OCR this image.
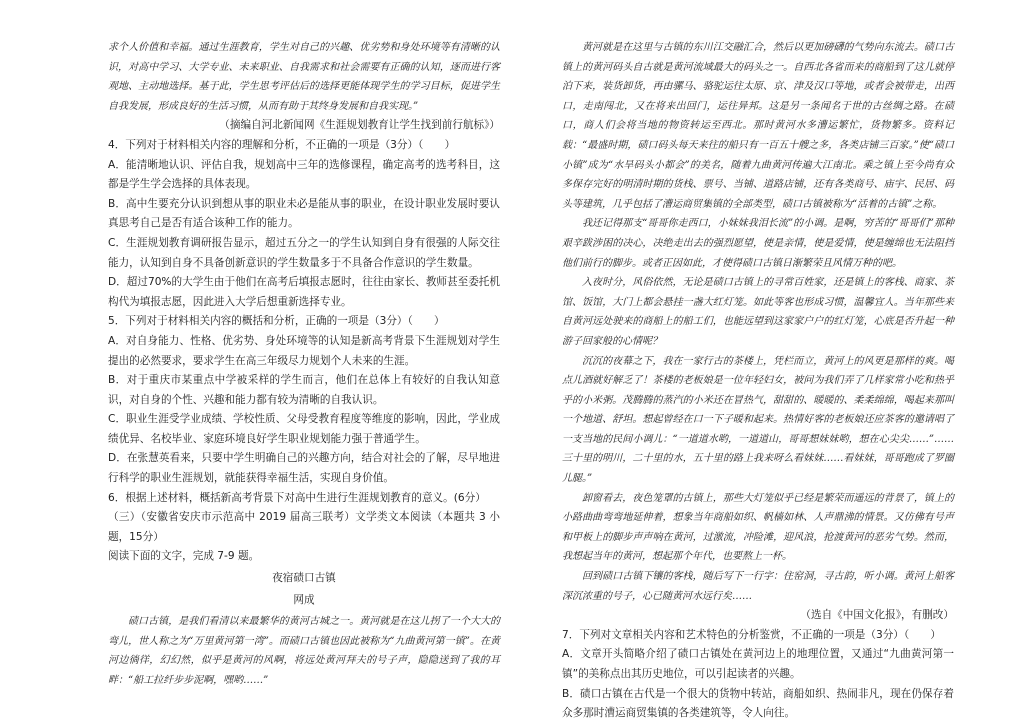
求个人价值和幸福。通过生涯教育，学生对自己的兴趣、优劣势和身处环境等有清晰的认识，对高中学习、大学专业、未来职业、自我需求和社会需要有正确的认知，逐而进行客观地、主动地选择。基于此，学生思考评估后的选择更能体现学生的学习目标，促进学生自我发展，形成良好的生活习惯，从而有助于其终身发展和自我实现。”

（摘编自河北新闻网《生涯规划教育让学生找到前行航标》）

4．下列对于材料相关内容的理解和分析，不正确的一项是（3分）（　　）

A．能清晰地认识、评估自我，规划高中三年的选修课程，确定高考的选考科目，这都是学生学会选择的具体表现。

B．高中生要充分认识到想从事的职业未必是能从事的职业，在设计职业发展时要认真思考自己是否有适合该种工作的能力。

C．生涯规划教育调研报告显示，超过五分之一的学生认知到自身有很强的人际交往能力，认知到自身不具备创新意识的学生数量多于不具备合作意识的学生数量。

D．超过70%的大学生由于他们在高考后填报志愿时，往往由家长、教师甚至委托机构代为填报志愿，因此进入大学后想重新选择专业。

5．下列对于材料相关内容的概括和分析，正确的一项是（3分）（　　）

A．对自身能力、性格、优劣势、身处环境等的认知是新高考背景下生涯规划对学生提出的必然要求，要求学生在高三年级尽力规划个人未来的生涯。

B．对于重庆市某重点中学被采样的学生而言，他们在总体上有较好的自我认知意识，对自身的个性、兴趣和能力都有较为清晰的自我认识。

C．职业生涯受学业成绩、学校性质、父母受教育程度等维度的影响，因此，学业成绩优异、名校毕业、家庭环境良好学生职业规划能力强于普通学生。

D．在张慧英看来，只要中学生明确自己的兴趣方向，结合对社会的了解，尽早地进行科学的职业生涯规划，就能获得幸福生活，实现自身价值。

6．根据上述材料，概括新高考背景下对高中生进行生涯规划教育的意义。(6分）

（三）（安徽省安庆市示范高中 2019 届高三联考）文学类文本阅读（本题共 3 小题，15分）

阅读下面的文字，完成 7-9 题。

夜宿碛口古镇

网成

碛口古镇，是我们看清以来最繁华的黄河古城之一。黄河就是在这儿拐了一个大大的弯儿，世人称之为“万里黄河第一湾”。而碛口古镇也因此被称为“九曲黄河第一镇”。在黄河边徜徉，幻幻然，似乎是黄河的风啊，将远处黄河拜夫的号子声，隐隐送到了我的耳畔：“船工拉纤步步泥啊，嘿哟……”

黄河就是在这里与古镇的东川江交融汇合，然后以更加磅礴的气势向东流去。碛口古镇上的黄河码头自古就是黄河流域最大的码头之一。自西北各省而来的商船到了这儿就停泊下来，装货卸货，再由骡马、骆驼运往太原、京、津及汉口等地，或者会被带走，出西口，走南闯北，又在将来出回门，运往异邦。这是另一条闻名于世的古丝绸之路。在碛口，商人们会将当地的物资转运至西北。那时黄河水多漕运繁忙，货物繁多。资料记载：“最盛时期，碛口码头每天来往的船只有一百五十艘之多，各类店铺三百家。”使“碛口小镇”成为“水旱码头小都会”的美名，随着九曲黄河传遍大江南北。乘之镇上至今尚有众多保存完好的明清时期的货栈、票号、当铺、道路店铺，还有各类商号、庙宇、民居、码头等建筑，几乎包括了漕运商贸集镇的全部类型，碛口古镇被称为“活着的古镇”之称。

我还记得那支“哥哥你走西口，小妹妹我泪长流”的小调。是啊，穷苦的“哥哥们”那种艰辛跋涉困的决心，决绝走出去的强烈愿望，使是亲情，使是爱情，使是缠绵也无法阻挡他们前行的脚步。或者正因如此，才使得碛口古镇日渐繁荣且风情万种的吧。

入夜时分，风俗依然，无论是碛口古镇上的寻常百姓家，还是镇上的客栈、商家、茶馆、饭馆，大门上都会悬挂一盏大红灯笼。如此等客也形成习惯，温馨宜人。当年那些来自黄河远处驶来的商船上的船工们，也能远望到这家家户户的红灯笼，心底是否升起一种游子回家般的心情呢？

沉沉的夜幕之下，我在一家行古的茶楼上，凭栏而立，黄河上的风更是那样的爽。喝点儿酒就好解乏了！茶楼的老板娘是一位年轻妇女，被问为我们弄了几样家常小吃和热乎乎的小米粥。茂腾腾的蒸汽的小米还在冒热气，甜甜的、暖暖的、柔柔绵绵，喝起来那叫一个地道、舒坦。想起曾经在口一下子暖和起来。热情好客的老板娘还应茶客的邀请唱了一支当地的民间小调儿：“一道道水哟，一道道山，哥哥想妹妹哟，想在心尖尖……”……三十里的明川，二十里的水，五十里的路上我来呀么看妹妹……看妹妹，哥哥跑成了罗圈儿腿。”

卸窗看去，夜色笼罩的古镇上，那些大灯笼似乎已经是繁荣而遥远的背景了，镇上的小路曲曲弯弯地延伸着，想象当年商船如织、帆樯如林、人声鼎沸的情景。又仿佛有号声和甲板上的脚步声声响在黄河，过激流，冲险滩，迎风浪，抢渡黄河的恶劣气势。然而，我想起当年的黄河，想起那个年代，也要熬上一杯。

回到碛口古镇下镶的客栈，随后写下一行字：住窑洞，寻古韵，听小调。黄河上船客深沉浓重的号子，心已随黄河水远行矣……

（选自《中国文化报》，有删改）

7．下列对文章相关内容和艺术特色的分析鉴赏，不正确的一项是（3分）（　　）

A．文章开头简略介绍了碛口古镇处在黄河边上的地理位置，又通过“九曲黄河第一镇”的美称点出其历史地位，可以引起读者的兴趣。

B．碛口古镇在古代是一个很大的货物中转站，商船如织、热闹非凡，现在仍保存着众多那时漕运商贸集镇的各类建筑等，令人向往。
